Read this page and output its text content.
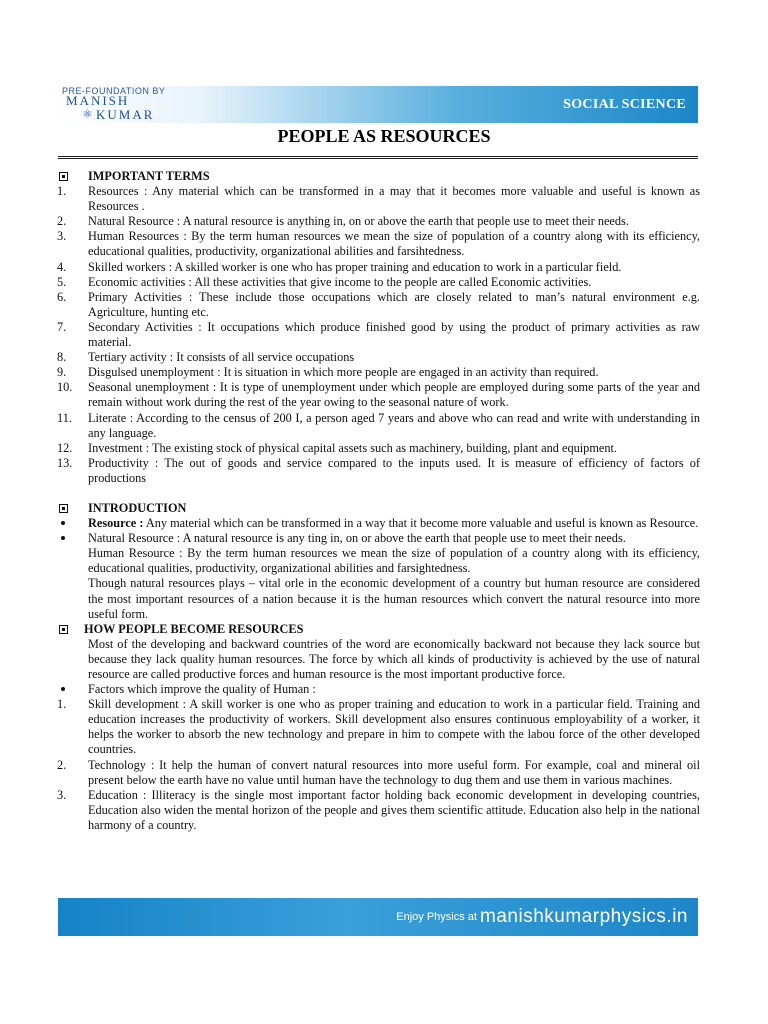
PRE-FOUNDATION BY
MANISH
⚛ KUMAR
SOCIAL SCIENCE
PEOPLE AS RESOURCES
IMPORTANT TERMS
1.	Resources : Any material which can be transformed in a may that it becomes more valuable and useful is known as Resources .
2.	Natural Resource : A natural resource is anything in, on or above the earth that people use to meet their needs.
3.	Human Resources : By the term human resources we mean the size of population of a country along with its efficiency, educational qualities, productivity, organizational abilities and farsihtedness.
4.	Skilled workers : A skilled worker is one who has proper training and education to work in a particular field.
5.	Economic activities : All these activities that give income to the people are called Economic activities.
6.	Primary Activities : These include those occupations which are closely related to man’s natural environment e.g. Agriculture, hunting etc.
7.	Secondary Activities : It occupations which produce finished good by using the product of primary activities as raw material.
8.	Tertiary activity : It consists of all service occupations
9.	Disgulsed unemployment : It is situation in which more people are engaged in an activity than required.
10.	Seasonal unemployment : It is type of unemployment under which people are employed during some parts of the year and remain without work during the rest of the year owing to the seasonal nature of work.
11.	Literate : According to the census of 200 I, a person aged 7 years and above who can read and write with understanding in any language.
12.	Investment : The existing stock of physical capital assets such as machinery, building, plant and equipment.
13.	Productivity : The out of goods and service compared to the inputs used. It is measure of efficiency of factors of productions
INTRODUCTION
Resource : Any material which can be transformed in a way that it become more valuable and useful is known as Resource.
Natural Resource : A natural resource is any ting in, on or above the earth that people use to meet their needs.
Human Resource : By the term human resources we mean the size of population of a country along with its efficiency, educational qualities, productivity, organizational abilities and farsightedness.
Though natural resources plays – vital orle in the economic development of a country but human resource are considered the most important resources of a nation because it is the human resources which convert the natural resource into more useful form.
HOW PEOPLE BECOME RESOURCES
Most of the developing and backward countries of the word are economically backward not because they lack source but because they lack quality human resources. The force by which all kinds of productivity is achieved by the use of natural resource are called productive forces and human resource is the most important productive force.
Factors which improve the quality of Human :
1.	Skill development : A skill worker is one who as proper training and education to work in a particular field. Training and education increases the productivity of workers. Skill development also ensures continuous employability of a worker, it helps the worker to absorb the new technology and prepare in him to compete with the labou force of the other developed countries.
2.	Technology : It help the human of convert natural resources into more useful form. For example, coal and mineral oil present below the earth have no value until human have the technology to dug them and use them in various machines.
3.	Education : Illiteracy is the single most important factor holding back economic development in developing countries, Education also widen the mental horizon of the people and gives them scientific attitude. Education also help in the national harmony of a country.
Enjoy Physics at manishkumarphysics.in
